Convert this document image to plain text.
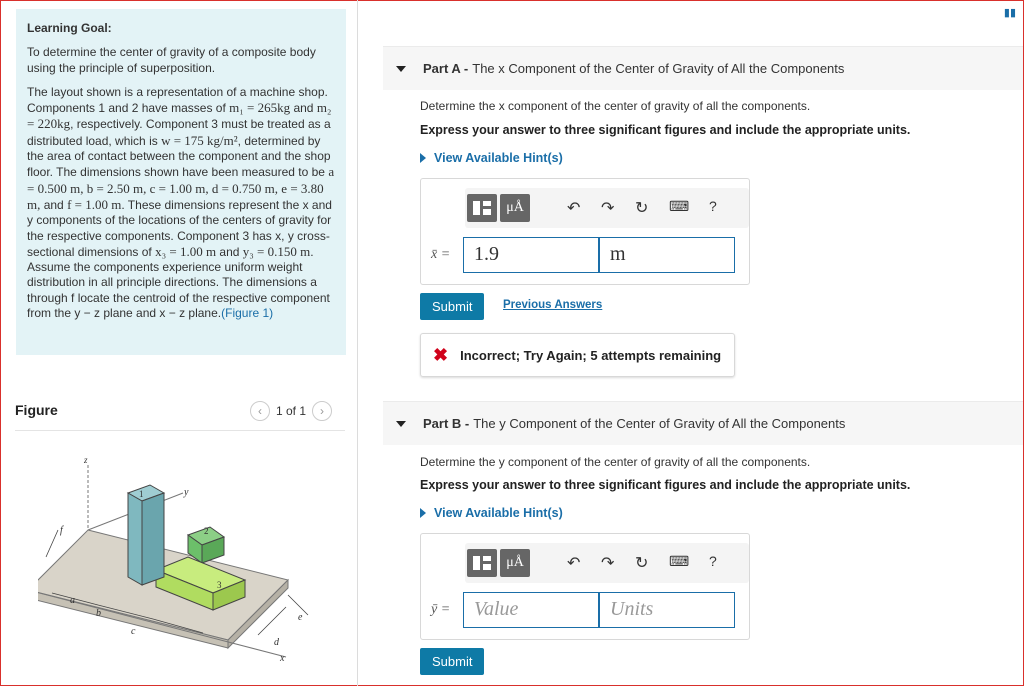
Learning Goal:

To determine the center of gravity of a composite body using the principle of superposition.

The layout shown is a representation of a machine shop. Components 1 and 2 have masses of m₁ = 265kg and m₂ = 220kg, respectively. Component 3 must be treated as a distributed load, which is w = 175 kg/m², determined by the area of contact between the component and the shop floor. The dimensions shown have been measured to be a = 0.500 m, b = 2.50 m, c = 1.00 m, d = 0.750 m, e = 3.80 m, and f = 1.00 m. These dimensions represent the x and y components of the locations of the centers of gravity for the respective components. Component 3 has x, y cross-sectional dimensions of x₃ = 1.00 m and y₃ = 0.150 m. Assume the components experience uniform weight distribution in all principle directions. The dimensions a through f locate the centroid of the respective component from the y − z plane and x − z plane.(Figure 1)

Figure	‹	1 of 1	›
z
y
x
1
2
3
a
b
c
d
e
f
▮▮
Part A - The x Component of the Center of Gravity of All the Components
Determine the x component of the center of gravity of all the components.
Express your answer to three significant figures and include the appropriate units.
View Available Hint(s)
μÅ	↶ ↷ ↻ ⌨ ?
x̄ =	1.9	m
Submit	Previous Answers
✖ Incorrect; Try Again; 5 attempts remaining
Part B - The y Component of the Center of Gravity of All the Components
Determine the y component of the center of gravity of all the components.
Express your answer to three significant figures and include the appropriate units.
View Available Hint(s)
μÅ	↶ ↷ ↻ ⌨ ?
ȳ =	Value	Units
Submit
